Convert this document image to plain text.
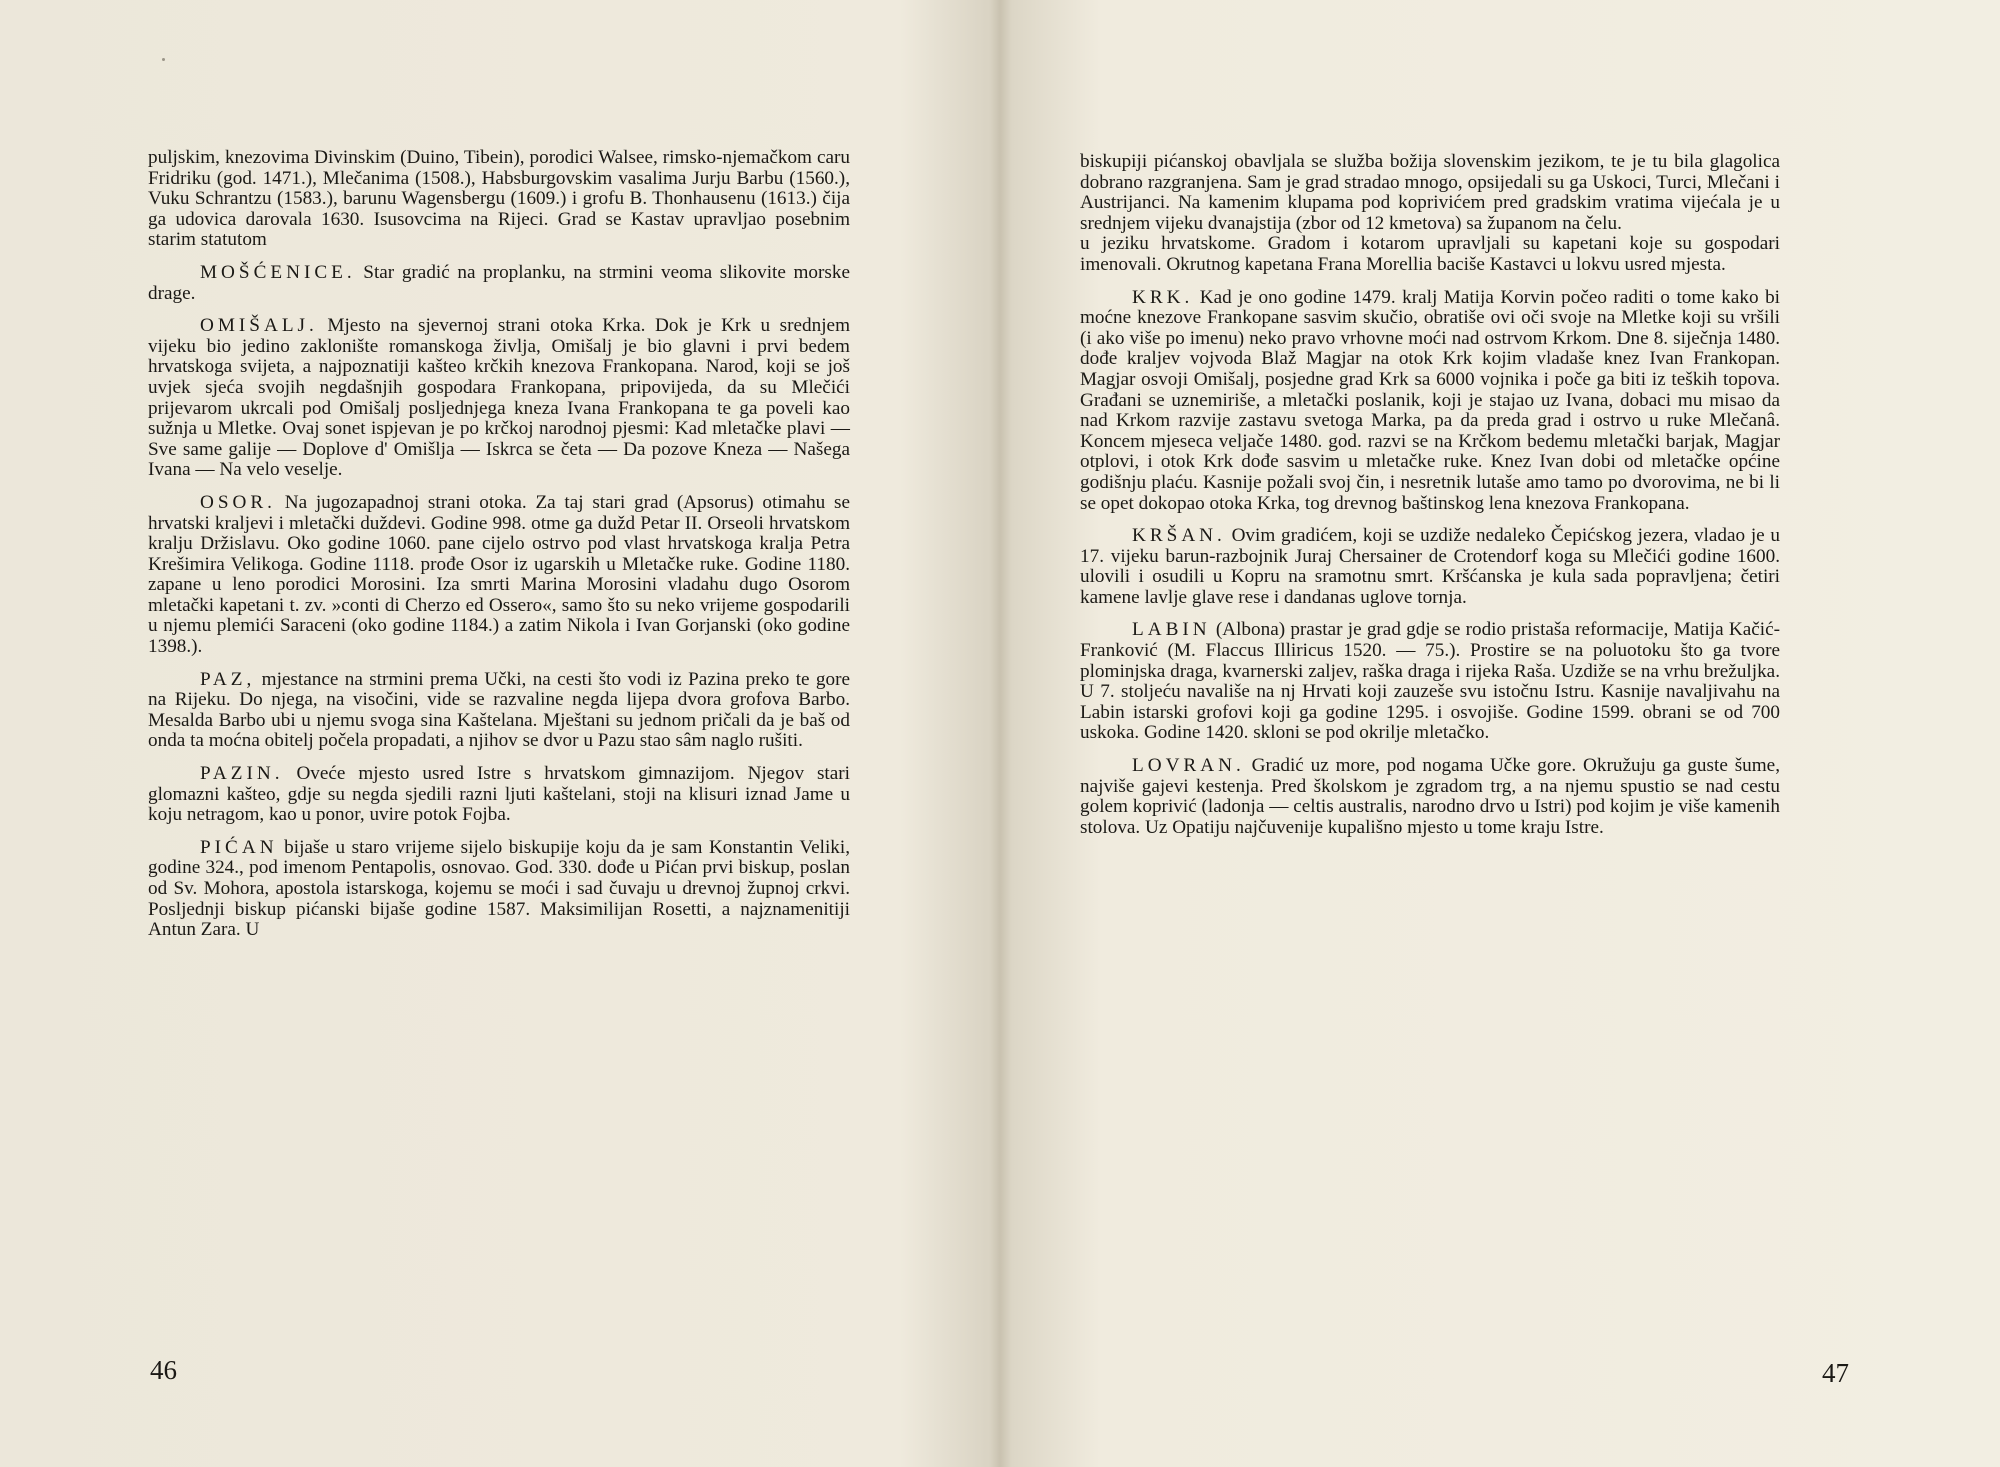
puljskim, knezovima Divinskim (Duino, Tibein), porodici Walsee, rimsko-njemačkom caru Fridriku (god. 1471.), Mlečanima (1508.), Habsburgovskim vasalima Jurju Barbu (1560.), Vuku Schrantzu (1583.), barunu Wagensbergu (1609.) i grofu B. Thonhausenu (1613.) čija ga udovica darovala 1630. Isusovcima na Rijeci. Grad se Kastav upravljao posebnim starim statutom

MOŠĆENICE. Star gradić na proplanku, na strmini veoma slikovite morske drage.

OMIŠALJ. Mjesto na sjevernoj strani otoka Krka. Dok je Krk u srednjem vijeku bio jedino zaklonište romanskoga življa, Omišalj je bio glavni i prvi bedem hrvatskoga svijeta, a najpoznatiji kašteo krčkih knezova Frankopana. Narod, koji se još uvjek sjeća svojih negdašnjih gospodara Frankopana, pripovijeda, da su Mlečići prijevarom ukrcali pod Omišalj posljednjega kneza Ivana Frankopana te ga poveli kao sužnja u Mletke. Ovaj sonet ispjevan je po krčkoj narodnoj pjesmi: Kad mletačke plavi — Sve same galije — Doplove d' Omišlja — Iskrca se četa — Da pozove Kneza — Našega Ivana — Na velo veselje.

OSOR. Na jugozapadnoj strani otoka. Za taj stari grad (Apsorus) otimahu se hrvatski kraljevi i mletački duždevi. Godine 998. otme ga dužd Petar II. Orseoli hrvatskom kralju Držislavu. Oko godine 1060. pane cijelo ostrvo pod vlast hrvatskoga kralja Petra Krešimira Velikoga. Godine 1118. prođe Osor iz ugarskih u Mletačke ruke. Godine 1180. zapane u leno porodici Morosini. Iza smrti Marina Morosini vladahu dugo Osorom mletački kapetani t. zv. »conti di Cherzo ed Ossero«, samo što su neko vrijeme gospodarili u njemu plemići Saraceni (oko godine 1184.) a zatim Nikola i Ivan Gorjanski (oko godine 1398.).

PAZ, mjestance na strmini prema Učki, na cesti što vodi iz Pazina preko te gore na Rijeku. Do njega, na visočini, vide se razvaline negda lijepa dvora grofova Barbo. Mesalda Barbo ubi u njemu svoga sina Kaštelana. Mještani su jednom pričali da je baš od onda ta moćna obitelj počela propadati, a njihov se dvor u Pazu stao sâm naglo rušiti.

PAZIN. Oveće mjesto usred Istre s hrvatskom gimnazijom. Njegov stari glomazni kašteo, gdje su negda sjedili razni ljuti kaštelani, stoji na klisuri iznad Jame u koju netragom, kao u ponor, uvire potok Fojba.

PIĆAN bijaše u staro vrijeme sijelo biskupije koju da je sam Konstantin Veliki, godine 324., pod imenom Pentapolis, osnovao. God. 330. dođe u Pićan prvi biskup, poslan od Sv. Mohora, apostola istarskoga, kojemu se moći i sad čuvaju u drevnoj župnoj crkvi. Posljednji biskup pićanski bijaše godine 1587. Maksimilijan Rosetti, a najznamenitiji Antun Zara. U

46

biskupiji pićanskoj obavljala se služba božija slovenskim jezikom, te je tu bila glagolica dobrano razgranjena. Sam je grad stradao mnogo, opsijedali su ga Uskoci, Turci, Mlečani i Austrijanci. Na kamenim klupama pod koprivićem pred gradskim vratima vijećala je u srednjem vijeku dvanajstija (zbor od 12 kmetova) sa županom na čelu.

u jeziku hrvatskome. Gradom i kotarom upravljali su kapetani koje su gospodari imenovali. Okrutnog kapetana Frana Morellia baciše Kastavci u lokvu usred mjesta.

KRK. Kad je ono godine 1479. kralj Matija Korvin počeo raditi o tome kako bi moćne knezove Frankopane sasvim skučio, obratiše ovi oči svoje na Mletke koji su vršili (i ako više po imenu) neko pravo vrhovne moći nad ostrvom Krkom. Dne 8. siječnja 1480. dođe kraljev vojvoda Blaž Magjar na otok Krk kojim vladaše knez Ivan Frankopan. Magjar osvoji Omišalj, posjedne grad Krk sa 6000 vojnika i poče ga biti iz teških topova. Građani se uznemiriše, a mletački poslanik, koji je stajao uz Ivana, dobaci mu misao da nad Krkom razvije zastavu svetoga Marka, pa da preda grad i ostrvo u ruke Mlečanâ. Koncem mjeseca veljače 1480. god. razvi se na Krčkom bedemu mletački barjak, Magjar otplovi, i otok Krk dođe sasvim u mletačke ruke. Knez Ivan dobi od mletačke općine godišnju plaću. Kasnije požali svoj čin, i nesretnik lutaše amo tamo po dvorovima, ne bi li se opet dokopao otoka Krka, tog drevnog baštinskog lena knezova Frankopana.

KRŠAN. Ovim gradićem, koji se uzdiže nedaleko Čepićskog jezera, vladao je u 17. vijeku barun-razbojnik Juraj Chersainer de Crotendorf koga su Mlečići godine 1600. ulovili i osudili u Kopru na sramotnu smrt. Kršćanska je kula sada popravljena; četiri kamene lavlje glave rese i dandanas uglove tornja.

LABIN (Albona) prastar je grad gdje se rodio pristaša reformacije, Matija Kačić-Franković (M. Flaccus Illiricus 1520. — 75.). Prostire se na poluotoku što ga tvore plominjska draga, kvarnerski zaljev, raška draga i rijeka Raša. Uzdiže se na vrhu brežuljka. U 7. stoljeću navališe na nj Hrvati koji zauzeše svu istočnu Istru. Kasnije navaljivahu na Labin istarski grofovi koji ga godine 1295. i osvojiše. Godine 1599. obrani se od 700 uskoka. Godine 1420. skloni se pod okrilje mletačko.

LOVRAN. Gradić uz more, pod nogama Učke gore. Okružuju ga guste šume, najviše gajevi kestenja. Pred školskom je zgradom trg, a na njemu spustio se nad cestu golem koprivić (ladonja — celtis australis, narodno drvo u Istri) pod kojim je više kamenih stolova. Uz Opatiju najčuvenije kupališno mjesto u tome kraju Istre.

47
